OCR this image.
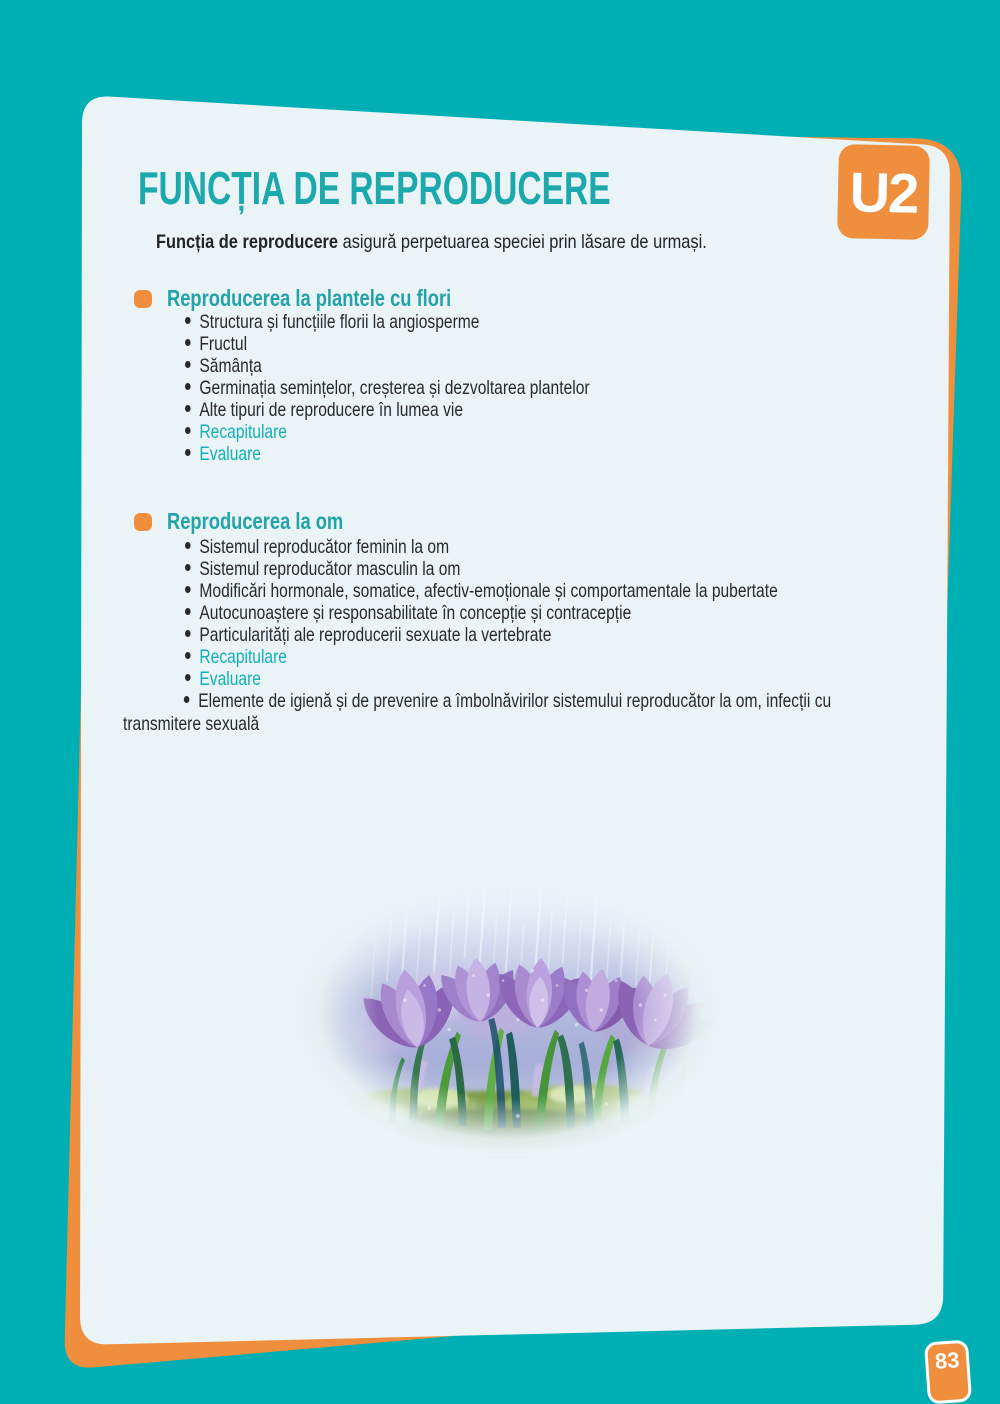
U2
FUNCȚIA DE REPRODUCERE

Funcția de reproducere asigură perpetuarea speciei prin lăsare de urmași.

Reproducerea la plantele cu flori
Structura și funcțiile florii la angiosperme
Fructul
Sămânța
Germinația semințelor, creșterea și dezvoltarea plantelor
Alte tipuri de reproducere în lumea vie
Recapitulare
Evaluare
Reproducerea la om
Sistemul reproducător feminin la om
Sistemul reproducător masculin la om
Modificări hormonale, somatice, afectiv-emoționale și comportamentale la pubertate
Autocunoaștere și responsabilitate în concepție și contracepție
Particularități ale reproducerii sexuate la vertebrate
Recapitulare
Evaluare
Elemente de igienă și de prevenire a îmbolnăvirilor sistemului reproducător la om, infecții cu transmitere sexuală
83
